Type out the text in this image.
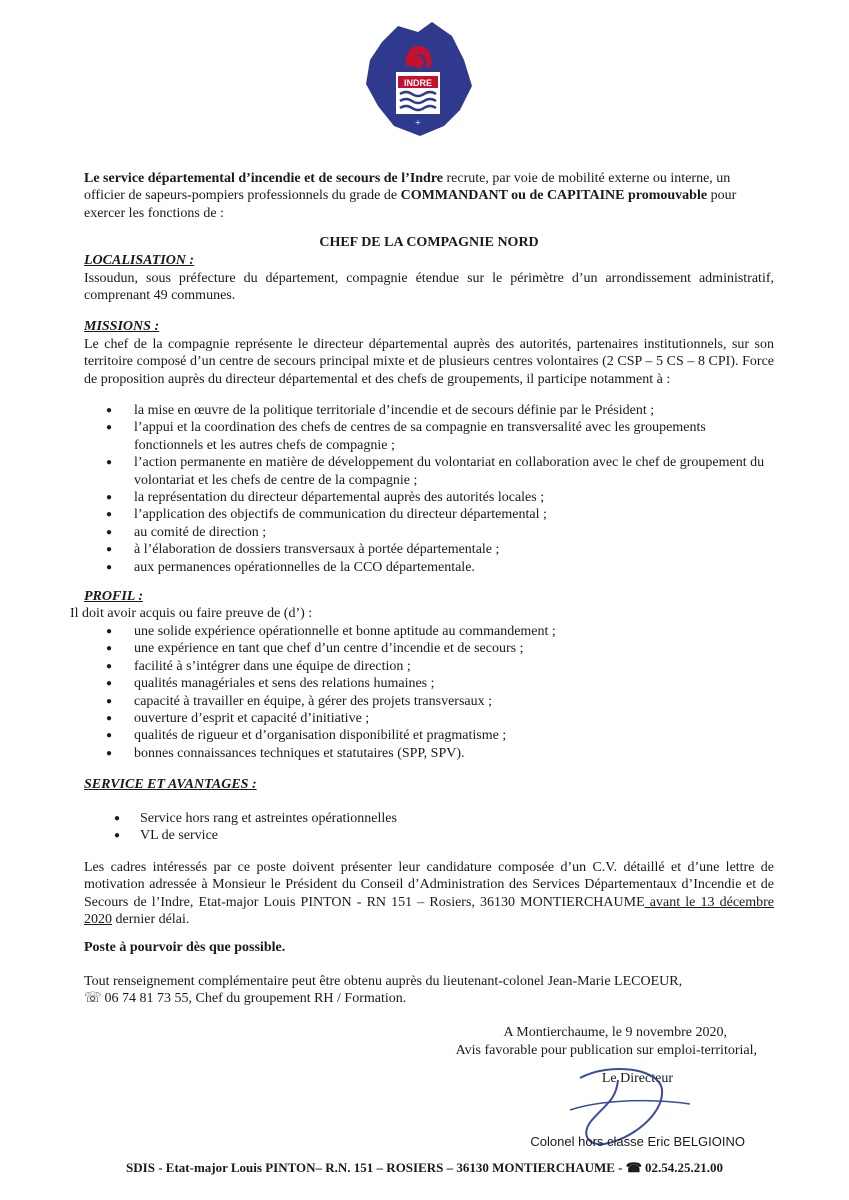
INDRE
+
Le service départemental d’incendie et de secours de l’Indre recrute, par voie de mobilité externe ou interne, un officier de sapeurs-pompiers professionnels du grade de COMMANDANT ou de CAPITAINE promouvable pour exercer les fonctions de :
CHEF DE LA COMPAGNIE NORD
LOCALISATION :
Issoudun, sous préfecture du département, compagnie étendue sur le périmètre d’un arrondissement administratif, comprenant 49 communes.
MISSIONS :
Le chef de la compagnie représente le directeur départemental auprès des autorités, partenaires institutionnels, sur son territoire composé d’un centre de secours principal mixte et de plusieurs centres volontaires (2 CSP – 5 CS – 8 CPI). Force de proposition auprès du directeur départemental et des chefs de groupements, il participe notamment à :
● la mise en œuvre de la politique territoriale d’incendie et de secours définie par le Président ;
● l’appui et la coordination des chefs de centres de sa compagnie en transversalité avec les groupements fonctionnels et les autres chefs de compagnie ;
● l’action permanente en matière de développement du volontariat en collaboration avec le chef de groupement du volontariat et les chefs de centre de la compagnie ;
● la représentation du directeur départemental auprès des autorités locales ;
● l’application des objectifs de communication du directeur départemental ;
● au comité de direction ;
● à l’élaboration de dossiers transversaux à portée départementale ;
● aux permanences opérationnelles de la CCO départementale.
PROFIL :
Il doit avoir acquis ou faire preuve de (d’) :
● une solide expérience opérationnelle et bonne aptitude au commandement ;
● une expérience en tant que chef d’un centre d’incendie et de secours ;
● facilité à s’intégrer dans une équipe de direction ;
● qualités managériales et sens des relations humaines ;
● capacité à travailler en équipe, à gérer des projets transversaux ;
● ouverture d’esprit et capacité d’initiative ;
● qualités de rigueur et d’organisation disponibilité et pragmatisme ;
● bonnes connaissances techniques et statutaires (SPP, SPV).
SERVICE ET AVANTAGES :
● Service hors rang et astreintes opérationnelles
● VL de service
Les cadres intéressés par ce poste doivent présenter leur candidature composée d’un C.V. détaillé et d’une lettre de motivation adressée à Monsieur le Président du Conseil d’Administration des Services Départementaux d’Incendie et de Secours de l’Indre, Etat-major Louis PINTON - RN 151 – Rosiers, 36130 MONTIERCHAUME avant le 13 décembre 2020 dernier délai.
Poste à pourvoir dès que possible.
Tout renseignement complémentaire peut être obtenu auprès du lieutenant-colonel Jean-Marie LECOEUR,
☏ 06 74 81 73 55, Chef du groupement RH / Formation.
A Montierchaume, le 9 novembre 2020,
Avis favorable pour publication sur emploi-territorial,
Le Directeur
Colonel hors classe Eric BELGIOINO
SDIS - Etat-major Louis PINTON– R.N. 151 – ROSIERS – 36130 MONTIERCHAUME - ☎ 02.54.25.21.00
